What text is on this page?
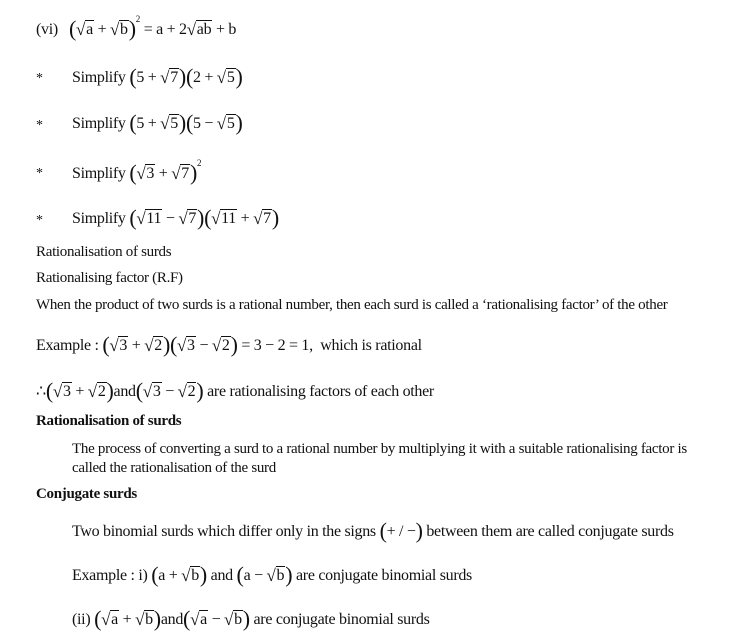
(vi) $(√a + √b)^2 = a + 2√ab + b$
* Simplify (5 + √7)(2 + √5)
* Simplify (5 + √5)(5 − √5)
* Simplify $(√3 + √7)^2$
* Simplify (√11 − √7)(√11 + √7)
Rationalisation of surds
Rationalising factor (R.F)
When the product of two surds is a rational number, then each surd is called a ‘rationalising factor’ of the other
Example : (√3 + √2)(√3 − √2) = 3 − 2 = 1, which is rational
∴(√3 + √2)and(√3 − √2) are rationalising factors of each other
Rationalisation of surds
The process of converting a surd to a rational number by multiplying it with a suitable rationalising factor is called the rationalisation of the surd
Conjugate surds
Two binomial surds which differ only in the signs (+ / −) between them are called conjugate surds
Example : i) (a + √b) and (a − √b) are conjugate binomial surds
(ii) (√a + √b)and(√a − √b) are conjugate binomial surds
